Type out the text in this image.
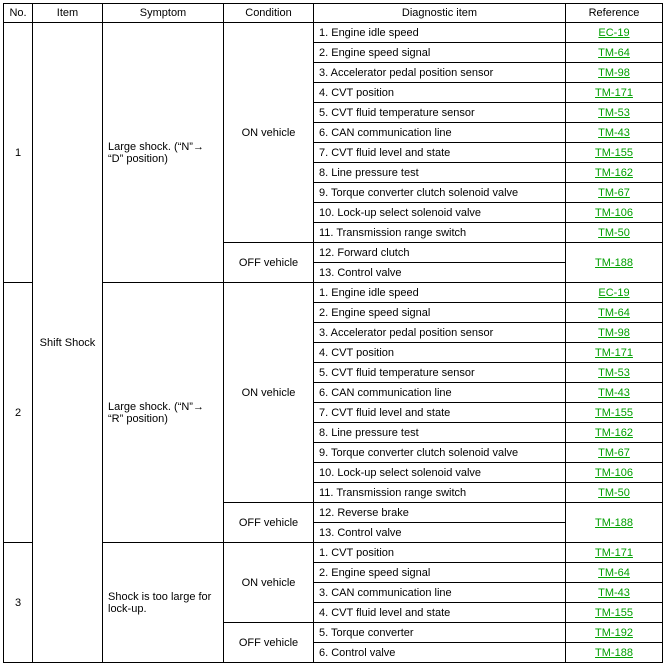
No.	Item	Symptom	Condition	Diagnostic item	Reference
1	Shift Shock	Large shock. (“N”→ “D” position)	ON vehicle	1. Engine idle speed	EC-19
				2. Engine speed signal	TM-64
				3. Accelerator pedal position sensor	TM-98
				4. CVT position	TM-171
				5. CVT fluid temperature sensor	TM-53
				6. CAN communication line	TM-43
				7. CVT fluid level and state	TM-155
				8. Line pressure test	TM-162
				9. Torque converter clutch solenoid valve	TM-67
				10. Lock-up select solenoid valve	TM-106
				11. Transmission range switch	TM-50
			OFF vehicle	12. Forward clutch	TM-188
				13. Control valve	
2		Large shock. (“N”→ “R” position)	ON vehicle	1. Engine idle speed	EC-19
				2. Engine speed signal	TM-64
				3. Accelerator pedal position sensor	TM-98
				4. CVT position	TM-171
				5. CVT fluid temperature sensor	TM-53
				6. CAN communication line	TM-43
				7. CVT fluid level and state	TM-155
				8. Line pressure test	TM-162
				9. Torque converter clutch solenoid valve	TM-67
				10. Lock-up select solenoid valve	TM-106
				11. Transmission range switch	TM-50
			OFF vehicle	12. Reverse brake	TM-188
				13. Control valve	
3		Shock is too large for lock-up.	ON vehicle	1. CVT position	TM-171
				2. Engine speed signal	TM-64
				3. CAN communication line	TM-43
				4. CVT fluid level and state	TM-155
			OFF vehicle	5. Torque converter	TM-192
				6. Control valve	TM-188
